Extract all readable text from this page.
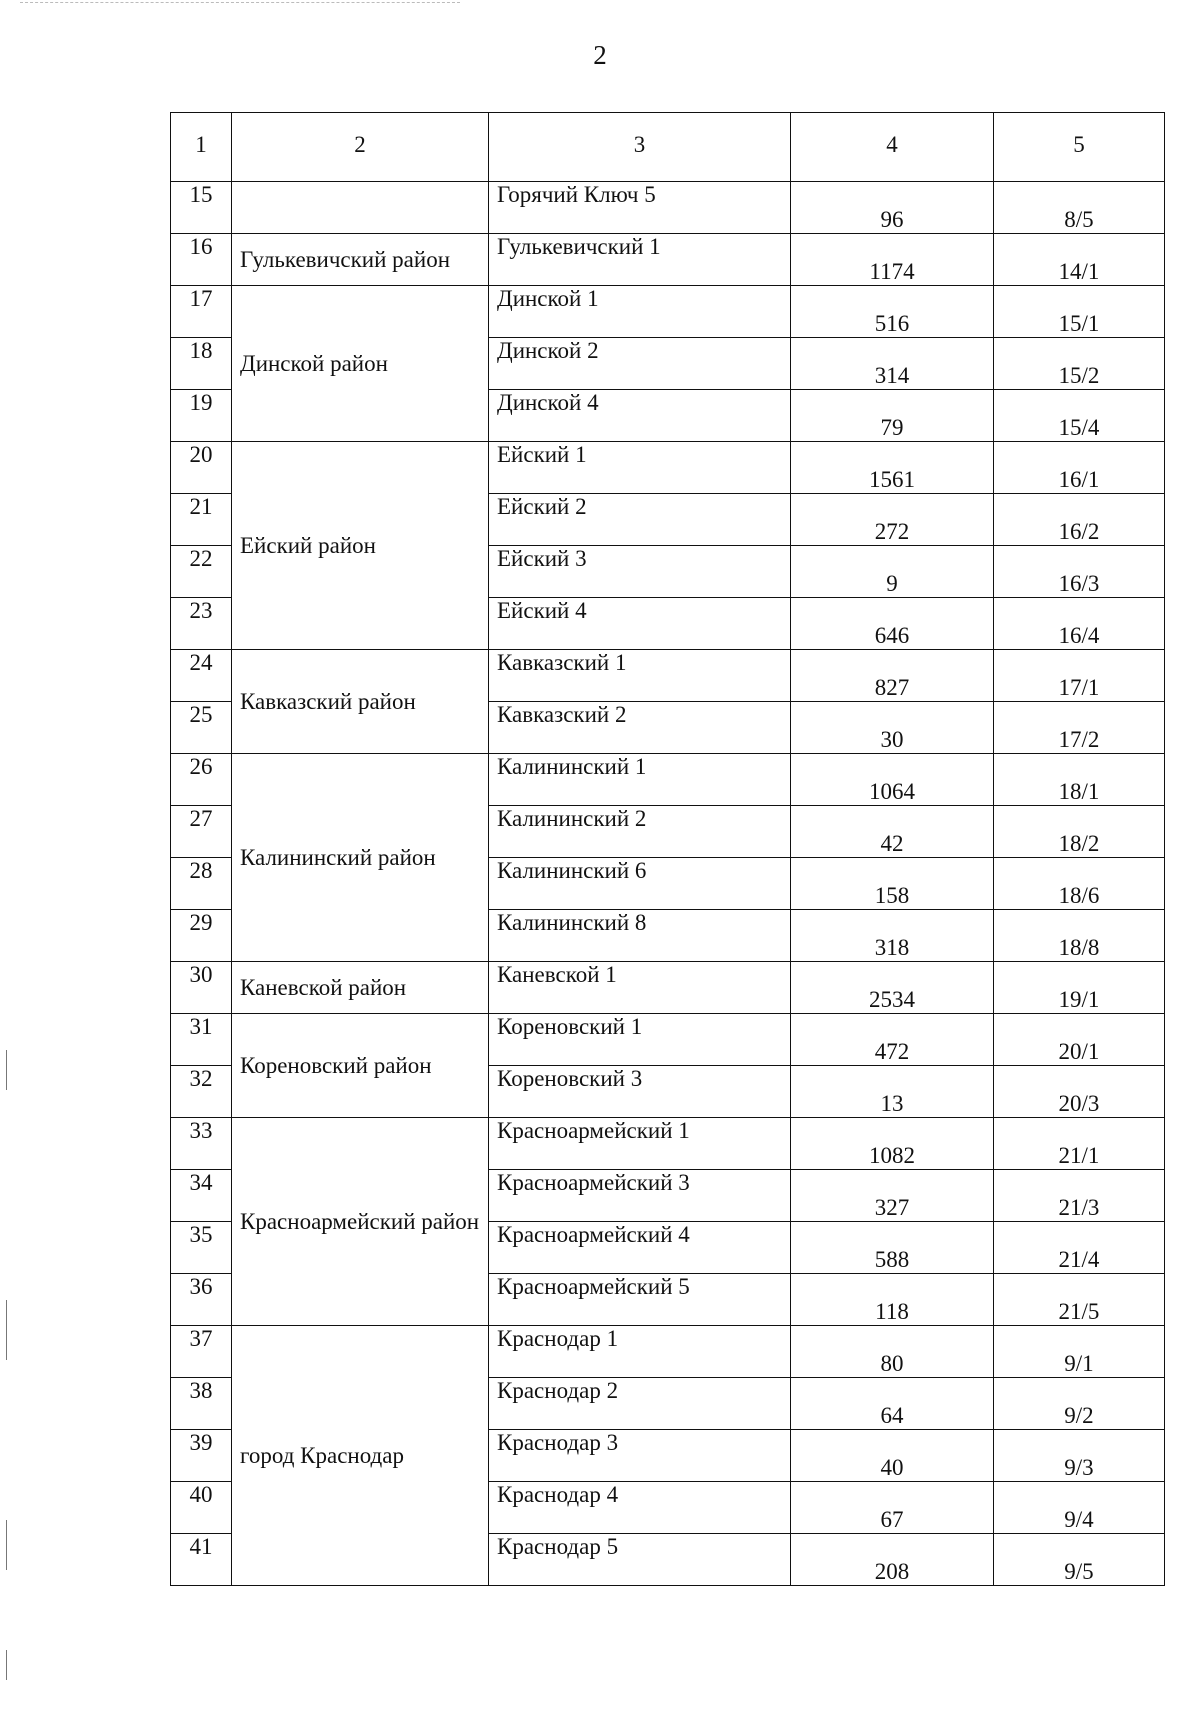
2
1	2	3	4	5
15		Горячий Ключ 5	96	8/5
16	Гулькевичский район	Гулькевичский 1	1174	14/1
17	Динской район	Динской 1	516	15/1
18		Динской 2	314	15/2
19		Динской 4	79	15/4
20	Ейский район	Ейский 1	1561	16/1
21		Ейский 2	272	16/2
22		Ейский 3	9	16/3
23		Ейский 4	646	16/4
24	Кавказский район	Кавказский 1	827	17/1
25		Кавказский 2	30	17/2
26	Калининский район	Калининский 1	1064	18/1
27		Калининский 2	42	18/2
28		Калининский 6	158	18/6
29		Калининский 8	318	18/8
30	Каневской район	Каневской 1	2534	19/1
31	Кореновский район	Кореновский 1	472	20/1
32		Кореновский 3	13	20/3
33	Красноармейский район	Красноармейский 1	1082	21/1
34		Красноармейский 3	327	21/3
35		Красноармейский 4	588	21/4
36		Красноармейский 5	118	21/5
37	город Краснодар	Краснодар 1	80	9/1
38		Краснодар 2	64	9/2
39		Краснодар 3	40	9/3
40		Краснодар 4	67	9/4
41		Краснодар 5	208	9/5
